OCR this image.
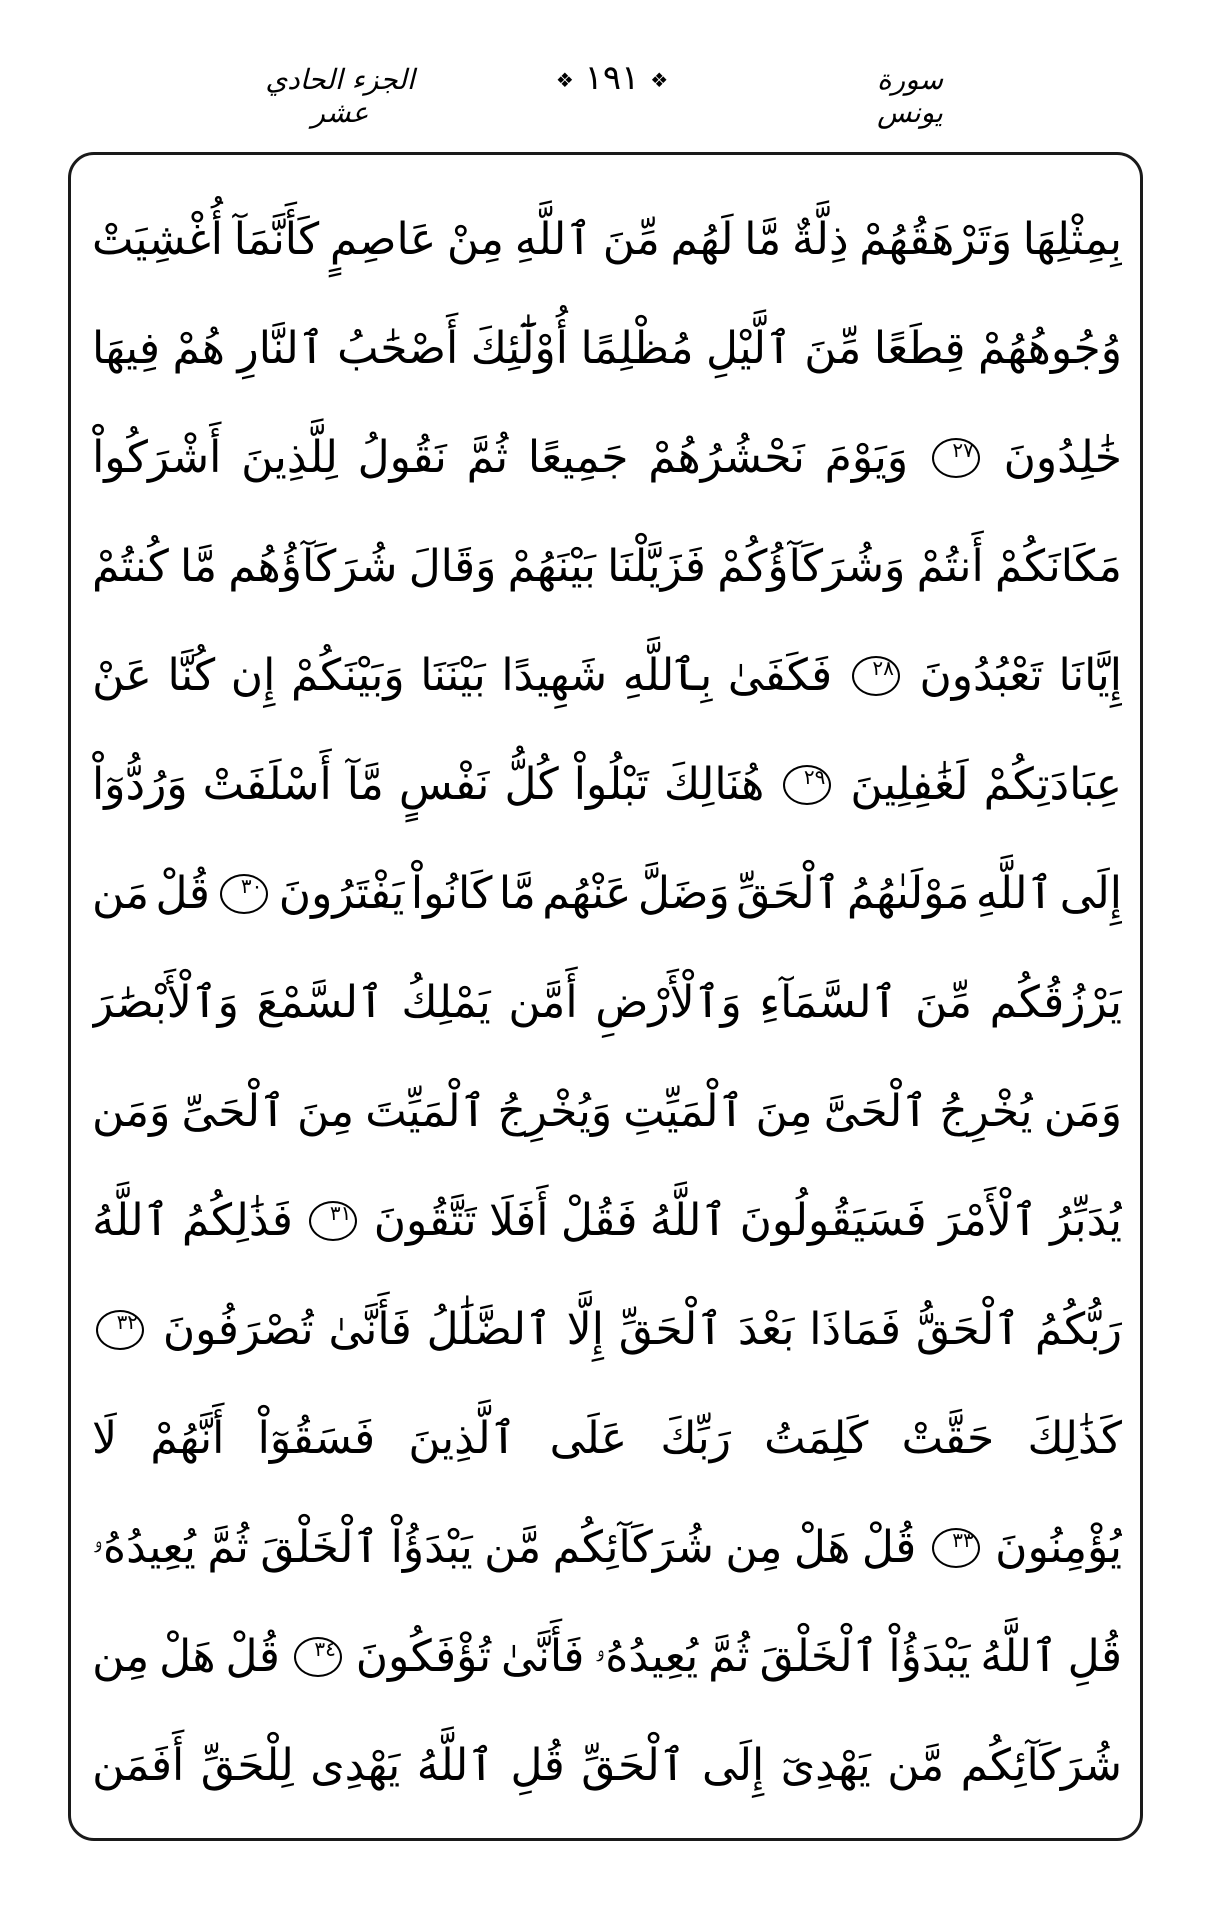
الجزء الحادي عشر
❖ ١٩١ ❖	سورة يونس
بِمِثْلِهَا
وَتَرْهَقُهُمْ
ذِلَّةٌ
مَّا
لَهُم
مِّنَ
ٱللَّهِ
مِنْ
عَاصِمٍ
كَأَنَّمَآ
أُغْشِيَتْ
وُجُوهُهُمْ
قِطَعًا
مِّنَ
ٱلَّيْلِ
مُظْلِمًا
أُوْلَٰٓئِكَ
أَصْحَٰبُ
ٱلنَّارِ
هُمْ
فِيهَا
خَٰلِدُونَ
٢٧
وَيَوْمَ
نَحْشُرُهُمْ
جَمِيعًا
ثُمَّ
نَقُولُ
لِلَّذِينَ
أَشْرَكُواْ
مَكَانَكُمْ
أَنتُمْ
وَشُرَكَآؤُكُمْ
فَزَيَّلْنَا
بَيْنَهُمْ
وَقَالَ
شُرَكَآؤُهُم
مَّا
كُنتُمْ
إِيَّانَا
تَعْبُدُونَ
٢٨
فَكَفَىٰ
بِٱللَّهِ
شَهِيدًا
بَيْنَنَا
وَبَيْنَكُمْ
إِن
كُنَّا
عَنْ
عِبَادَتِكُمْ
لَغَٰفِلِينَ
٢٩
هُنَالِكَ
تَبْلُواْ
كُلُّ
نَفْسٍ
مَّآ
أَسْلَفَتْ
وَرُدُّوٓاْ
إِلَى
ٱللَّهِ
مَوْلَىٰهُمُ
ٱلْحَقِّ
وَضَلَّ
عَنْهُم
مَّا
كَانُواْ
يَفْتَرُونَ
٣٠
قُلْ
مَن
يَرْزُقُكُم
مِّنَ
ٱلسَّمَآءِ
وَٱلْأَرْضِ
أَمَّن
يَمْلِكُ
ٱلسَّمْعَ
وَٱلْأَبْصَٰرَ
وَمَن
يُخْرِجُ
ٱلْحَىَّ
مِنَ
ٱلْمَيِّتِ
وَيُخْرِجُ
ٱلْمَيِّتَ
مِنَ
ٱلْحَىِّ
وَمَن
يُدَبِّرُ
ٱلْأَمْرَ
فَسَيَقُولُونَ
ٱللَّهُ
فَقُلْ
أَفَلَا
تَتَّقُونَ
٣١
فَذَٰلِكُمُ
ٱللَّهُ
رَبُّكُمُ
ٱلْحَقُّ
فَمَاذَا
بَعْدَ
ٱلْحَقِّ
إِلَّا
ٱلضَّلَٰلُ
فَأَنَّىٰ
تُصْرَفُونَ
٣٢
كَذَٰلِكَ
حَقَّتْ
كَلِمَتُ
رَبِّكَ
عَلَى
ٱلَّذِينَ
فَسَقُوٓاْ
أَنَّهُمْ
لَا
يُؤْمِنُونَ
٣٣
قُلْ
هَلْ
مِن
شُرَكَآئِكُم
مَّن
يَبْدَؤُاْ
ٱلْخَلْقَ
ثُمَّ
يُعِيدُهُۥ
قُلِ
ٱللَّهُ
يَبْدَؤُاْ
ٱلْخَلْقَ
ثُمَّ
يُعِيدُهُۥ
فَأَنَّىٰ
تُؤْفَكُونَ
٣٤
قُلْ
هَلْ
مِن
شُرَكَآئِكُم
مَّن
يَهْدِىٓ
إِلَى
ٱلْحَقِّ
قُلِ
ٱللَّهُ
يَهْدِى
لِلْحَقِّ
أَفَمَن
